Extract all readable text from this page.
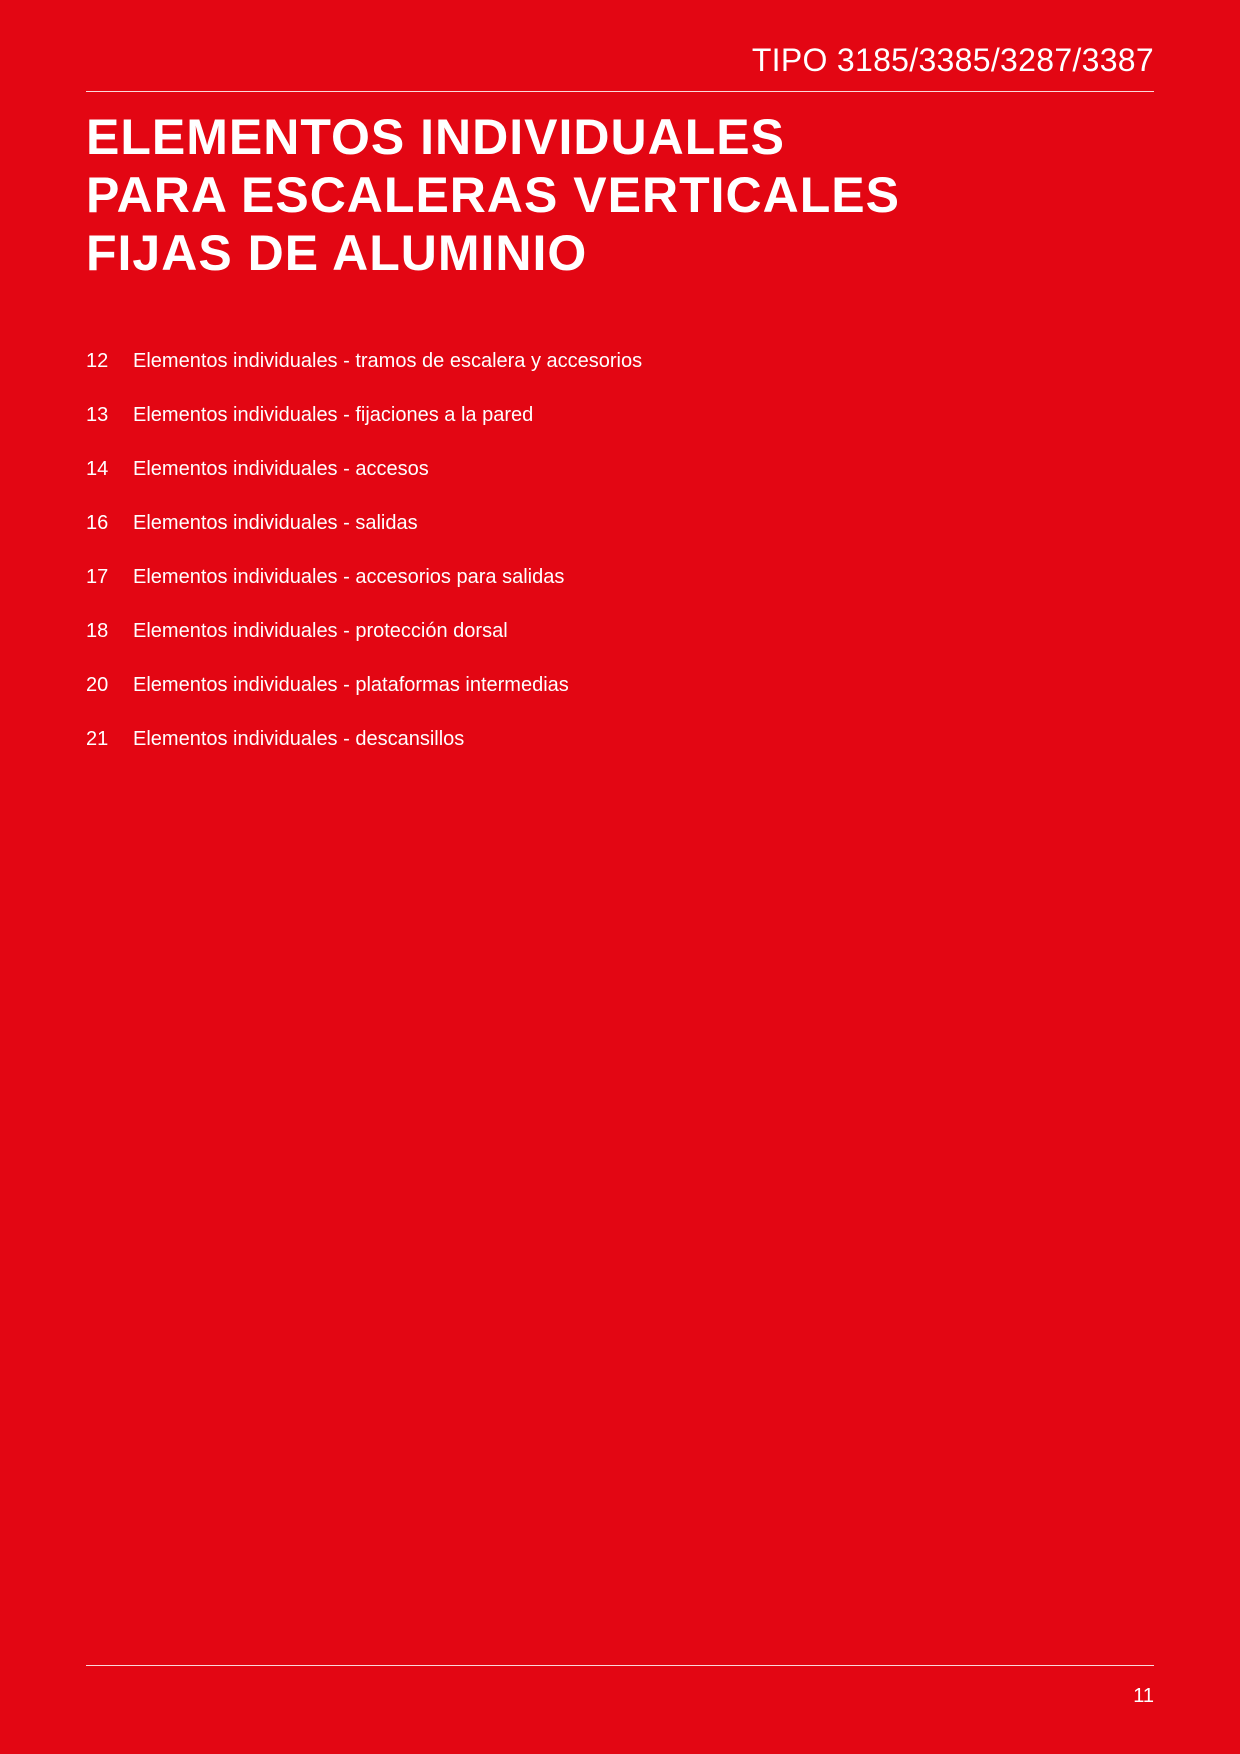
TIPO 3185/3385/3287/3387
ELEMENTOS INDIVIDUALES
PARA ESCALERAS VERTICALES
FIJAS DE ALUMINIO
12	Elementos individuales - tramos de escalera y accesorios
13	Elementos individuales - fijaciones a la pared
14	Elementos individuales - accesos
16	Elementos individuales - salidas
17	Elementos individuales - accesorios para salidas
18	Elementos individuales - protección dorsal
20	Elementos individuales - plataformas intermedias
21	Elementos individuales - descansillos
11
